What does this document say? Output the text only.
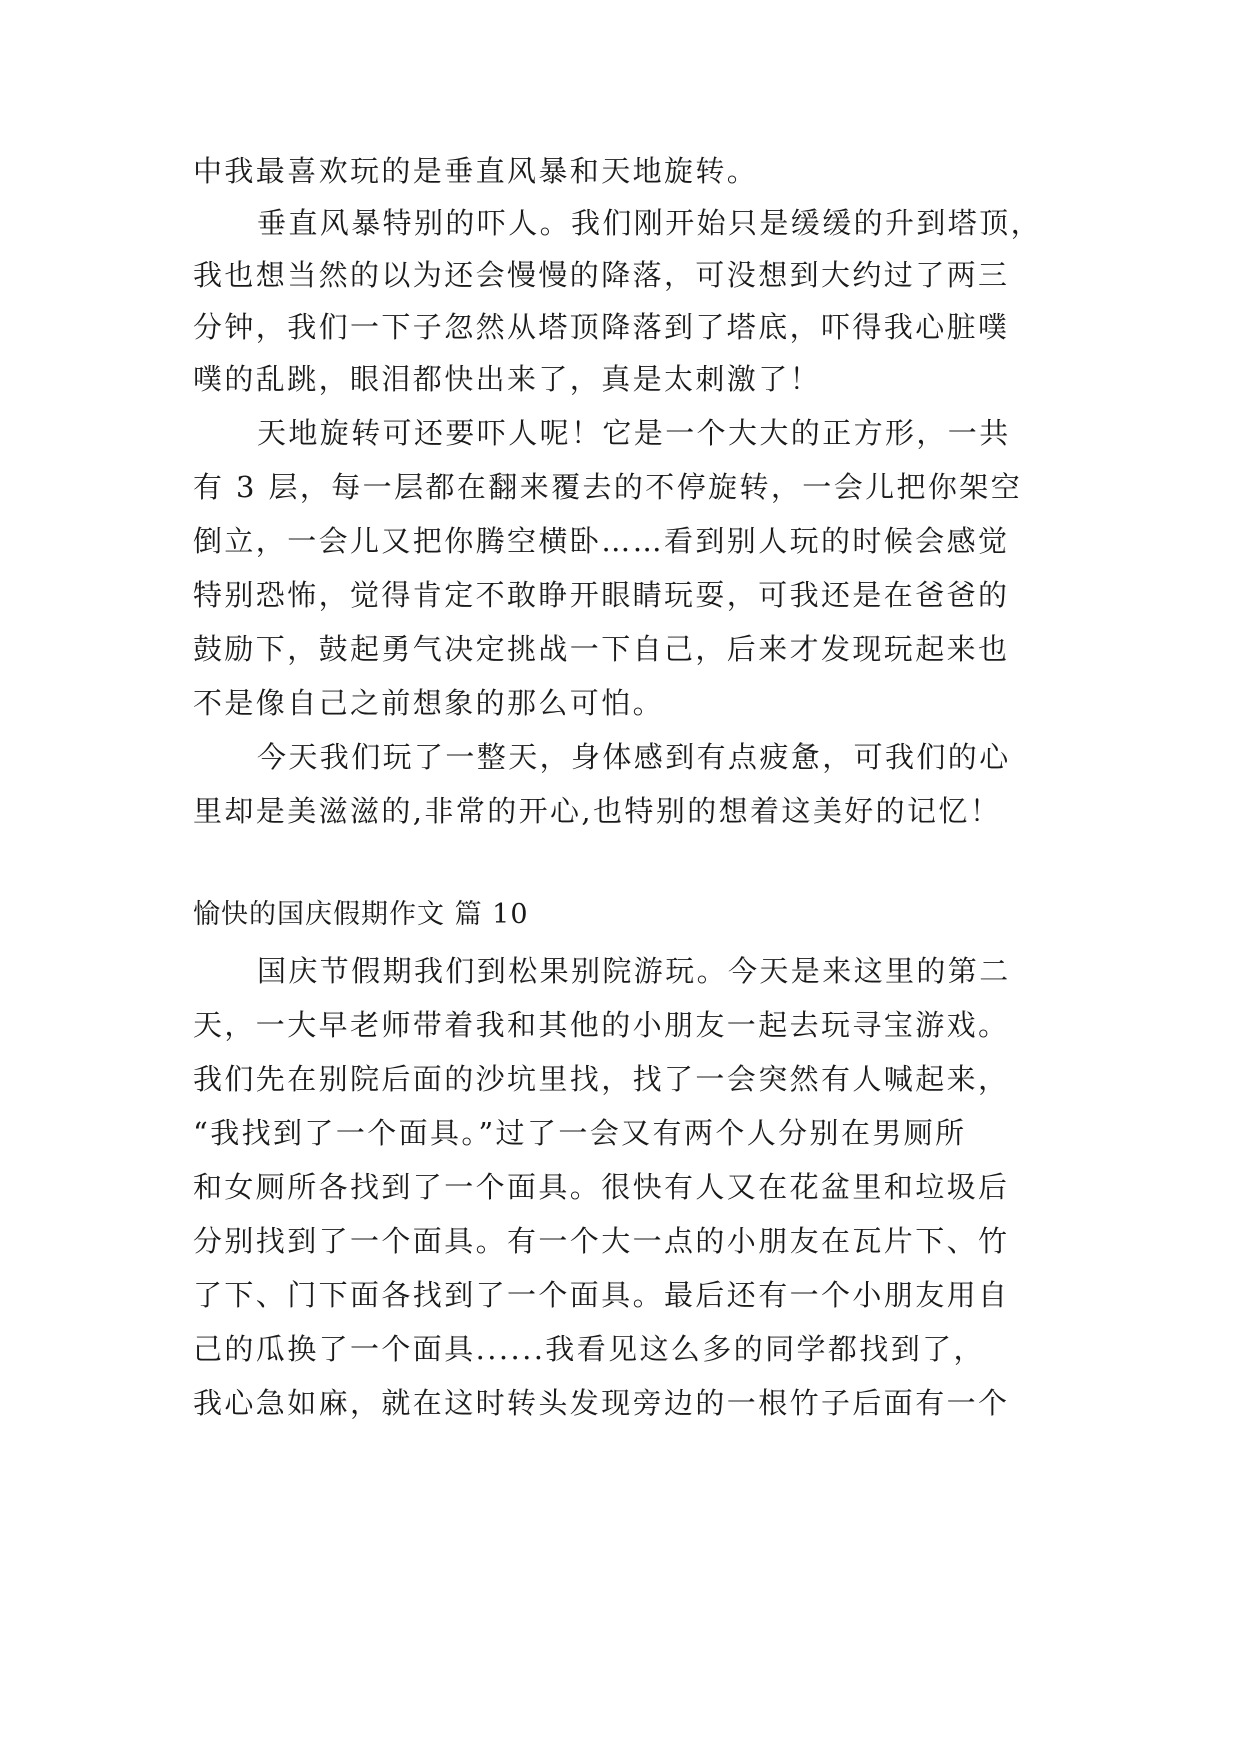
中我最喜欢玩的是垂直风暴和天地旋转。
垂直风暴特别的吓人。我们刚开始只是缓缓的升到塔顶，
我也想当然的以为还会慢慢的降落，可没想到大约过了两三
分钟，我们一下子忽然从塔顶降落到了塔底，吓得我心脏噗
噗的乱跳，眼泪都快出来了，真是太刺激了！
天地旋转可还要吓人呢！它是一个大大的正方形，一共
有 3 层，每一层都在翻来覆去的不停旋转，一会儿把你架空
倒立，一会儿又把你腾空横卧……看到别人玩的时候会感觉
特别恐怖，觉得肯定不敢睁开眼睛玩耍，可我还是在爸爸的
鼓励下，鼓起勇气决定挑战一下自己，后来才发现玩起来也
不是像自己之前想象的那么可怕。
今天我们玩了一整天，身体感到有点疲惫，可我们的心
里却是美滋滋的,非常的开心,也特别的想着这美好的记忆！
愉快的国庆假期作文 篇 10
国庆节假期我们到松果别院游玩。今天是来这里的第二
天，一大早老师带着我和其他的小朋友一起去玩寻宝游戏。
我们先在别院后面的沙坑里找，找了一会突然有人喊起来，
“我找到了一个面具。”过了一会又有两个人分别在男厕所
和女厕所各找到了一个面具。很快有人又在花盆里和垃圾后
分别找到了一个面具。有一个大一点的小朋友在瓦片下、竹
了下、门下面各找到了一个面具。最后还有一个小朋友用自
己的瓜换了一个面具......我看见这么多的同学都找到了，
我心急如麻，就在这时转头发现旁边的一根竹子后面有一个
